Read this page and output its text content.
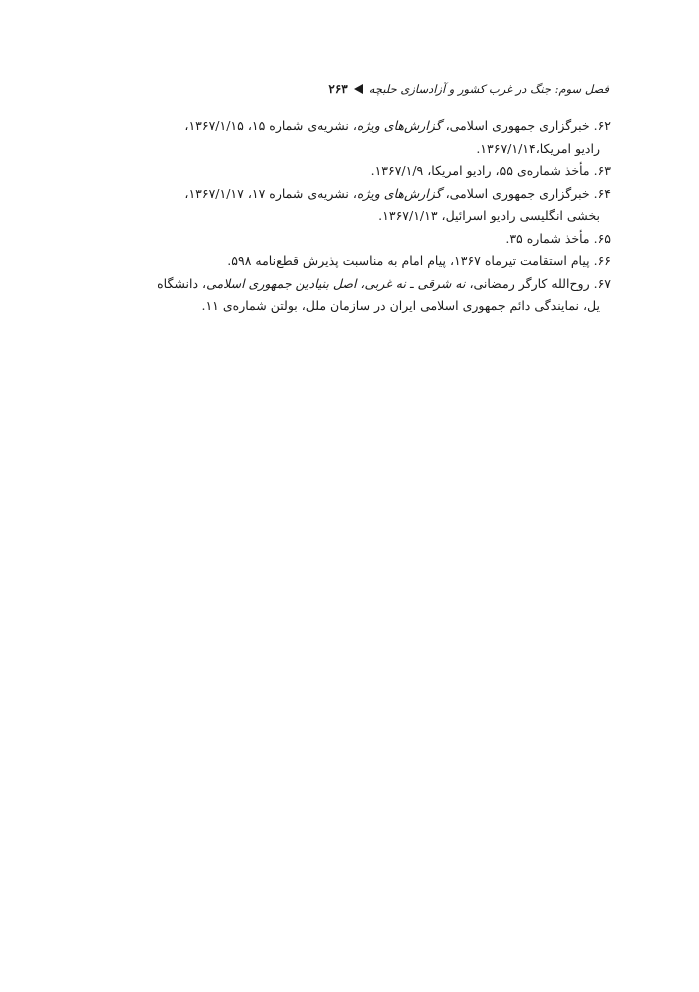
فصل سوم: جنگ در غرب کشور و آزادسازی حلبچه
۲۶۳
۶۲. خبرگزاری جمهوری اسلامی، گزارش‌های ویژه، نشریه‌ی شماره ۱۵، ۱۳۶۷/۱/۱۵،
رادیو امریکا،۱۳۶۷/۱/۱۴.
۶۳. مأخذ شماره‌ی ۵۵، رادیو امریکا، ۱۳۶۷/۱/۹.
۶۴. خبرگزاری جمهوری اسلامی، گزارش‌های ویژه، نشریه‌ی شماره ۱۷، ۱۳۶۷/۱/۱۷،
بخشی انگلیسی رادیو اسرائیل، ۱۳۶۷/۱/۱۳.
۶۵. مأخذ شماره ۳۵.
۶۶. پیام استقامت تیرماه ۱۳۶۷، پیام امام به مناسبت پذیرش قطع‌نامه ۵۹۸.
۶۷. روح‌الله کارگر رمضانی، نه شرقی ـ نه غربی، اصل بنیادین جمهوری اسلامی، دانشگاه
یل، نمایندگی دائم جمهوری اسلامی ایران در سازمان ملل، بولتن شماره‌ی ۱۱.
